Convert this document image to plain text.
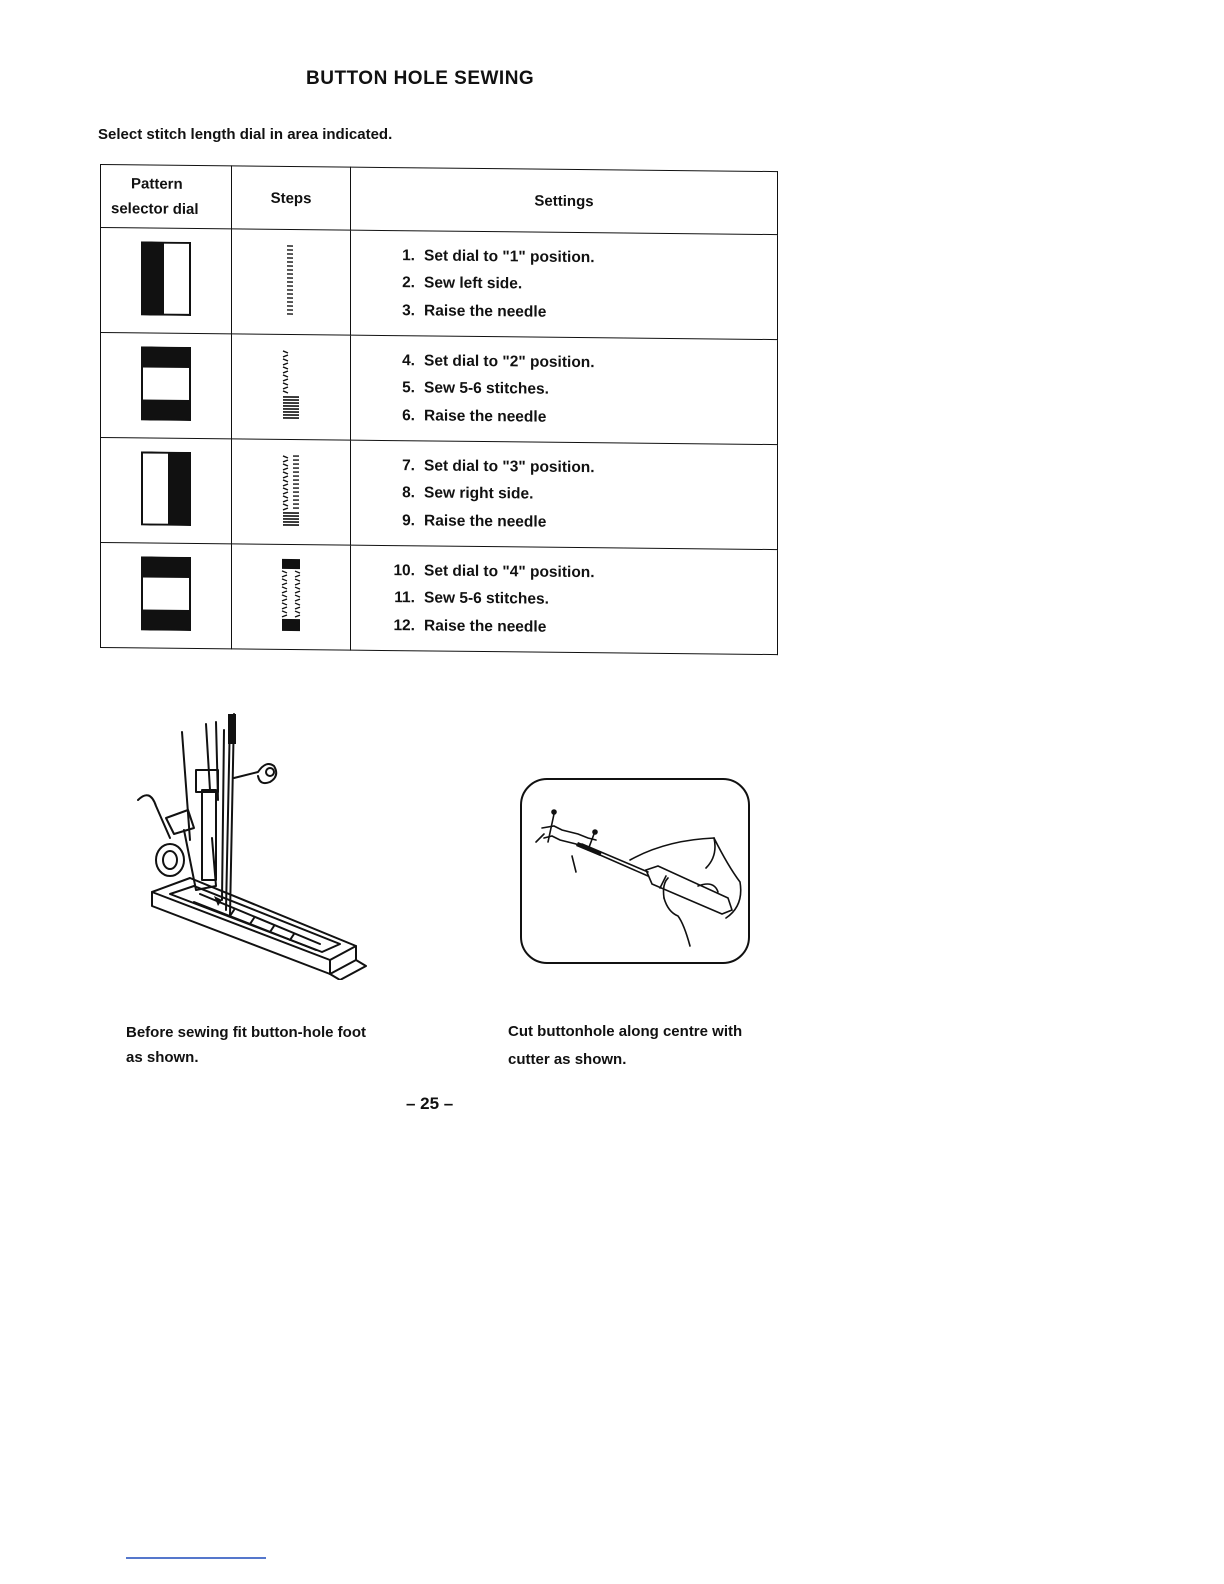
BUTTON HOLE SEWING
Select stitch length dial in area indicated.
Pattern
selector dial	Steps	Settings

1. Set dial to "1" position.
2. Sew left side.
3. Raise the needle

4. Set dial to "2" position.
5. Sew 5-6 stitches.
6. Raise the needle

7. Set dial to "3" position.
8. Sew right side.
9. Raise the needle

10. Set dial to "4" position.
11. Sew 5-6 stitches.
12. Raise the needle
Before sewing fit button-hole foot
as shown.
Cut buttonhole along centre with
cutter as shown.
– 25 –
